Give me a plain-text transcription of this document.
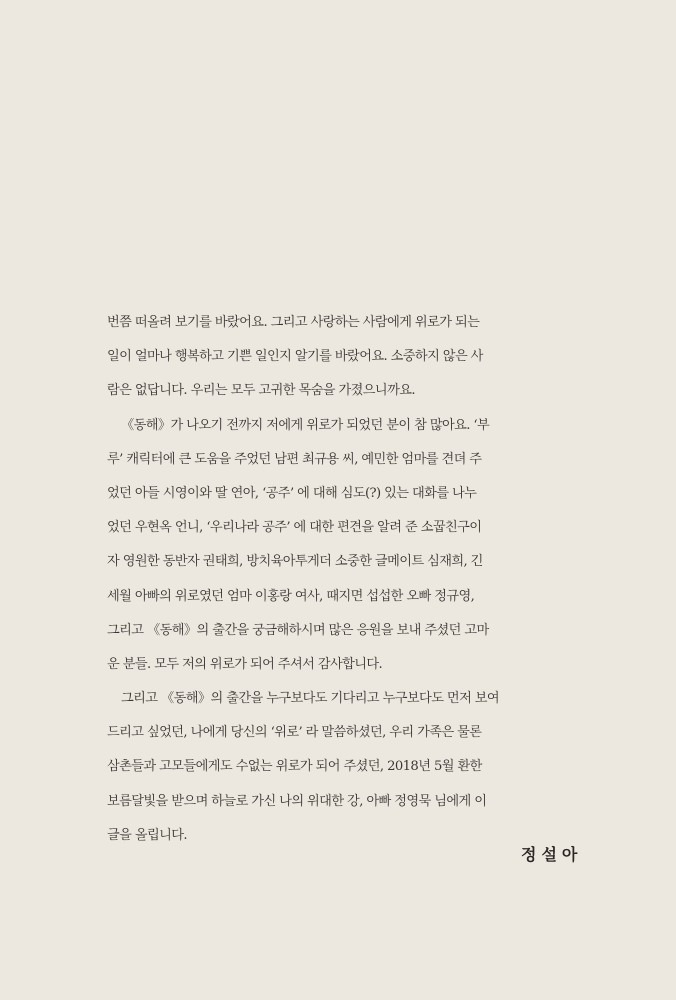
번쯤 떠올려 보기를 바랐어요. 그리고 사랑하는 사람에게 위로가 되는
일이 얼마나 행복하고 기쁜 일인지 알기를 바랐어요. 소중하지 않은 사
람은 없답니다. 우리는 모두 고귀한 목숨을 가졌으니까요.
《동해》가 나오기 전까지 저에게 위로가 되었던 분이 참 많아요. ‘부
루’ 캐릭터에 큰 도움을 주었던 남편 최규용 씨, 예민한 엄마를 견뎌 주
었던 아들 시영이와 딸 연아, ‘공주’ 에 대해 심도(?) 있는 대화를 나누
었던 우현옥 언니, ‘우리나라 공주’ 에 대한 편견을 알려 준 소꿉친구이
자 영원한 동반자 권태희, 방치육아투게더 소중한 글메이트 심재희, 긴
세월 아빠의 위로였던 엄마 이홍랑 여사, 때지면 섭섭한 오빠 정규영,
그리고 《동해》의 출간을 궁금해하시며 많은 응원을 보내 주셨던 고마
운 분들. 모두 저의 위로가 되어 주셔서 감사합니다.
그리고 《동해》의 출간을 누구보다도 기다리고 누구보다도 먼저 보여
드리고 싶었던, 나에게 당신의 ‘위로’ 라 말씀하셨던, 우리 가족은 물론
삼촌들과 고모들에게도 수없는 위로가 되어 주셨던, 2018년 5월 환한
보름달빛을 받으며 하늘로 가신 나의 위대한 강, 아빠 정영묵 님에게 이
글을 올립니다.
정설아
